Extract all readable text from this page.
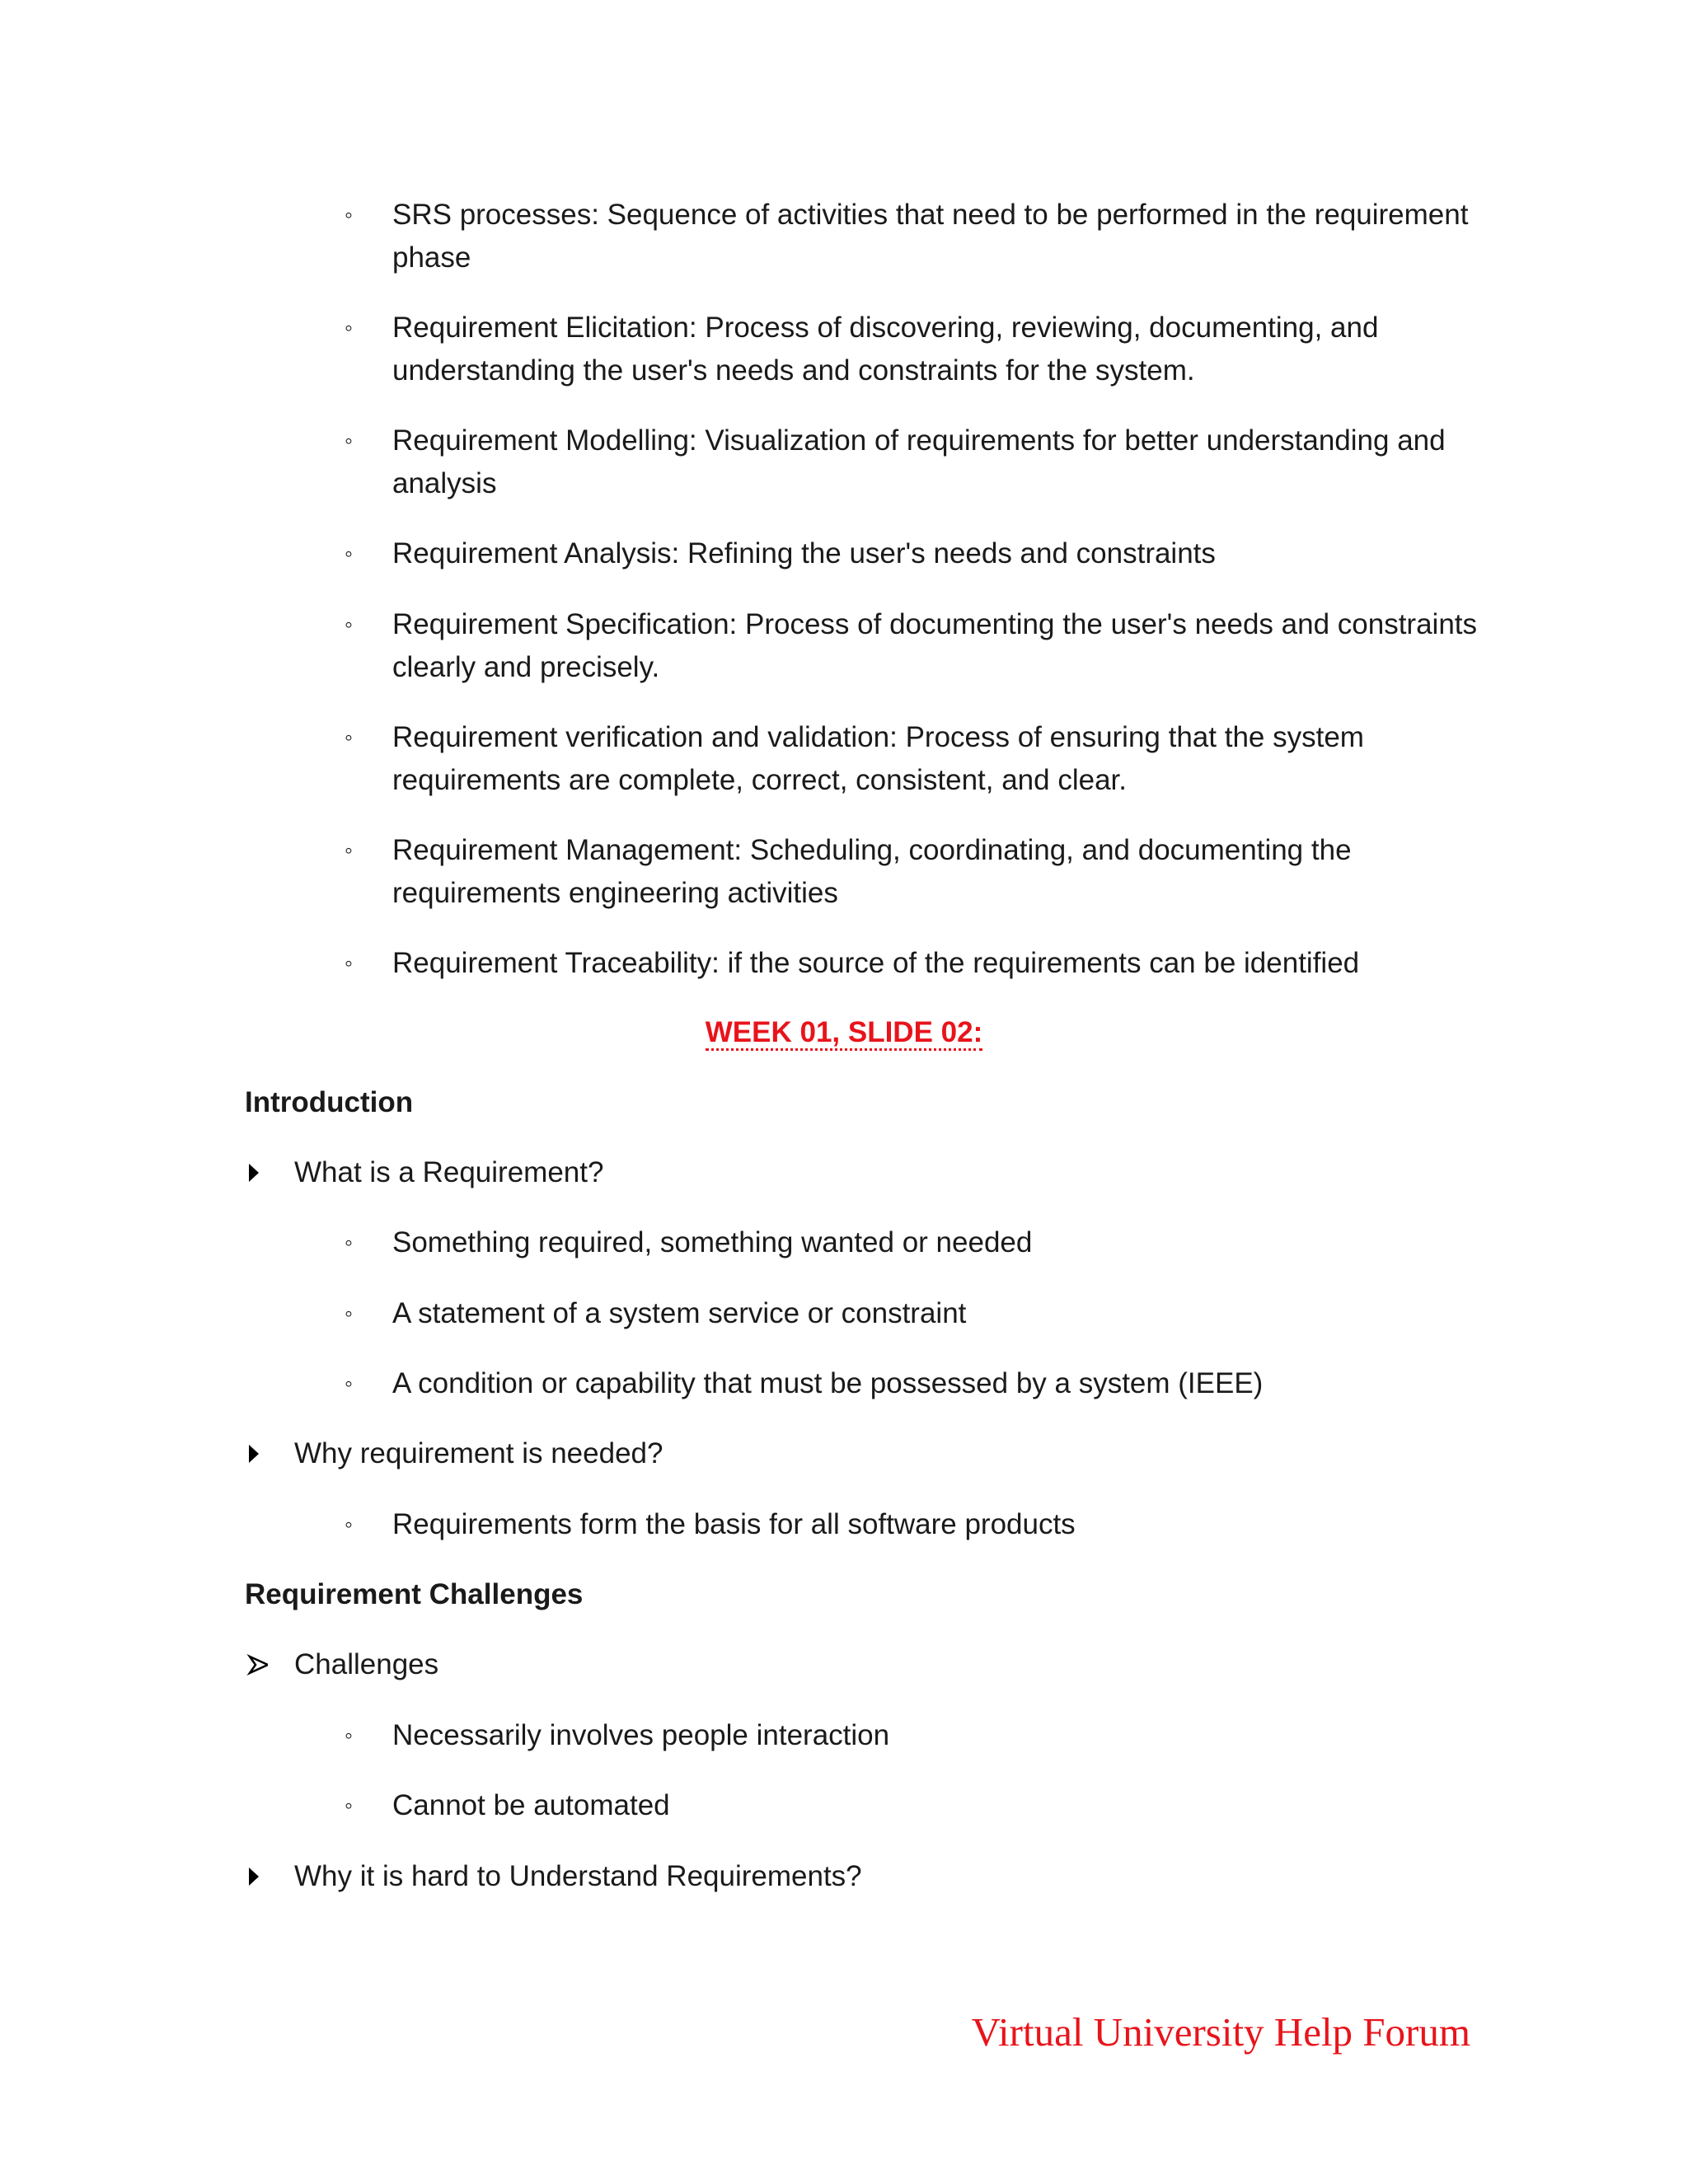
◦ SRS processes: Sequence of activities that need to be performed in the requirement
phase
◦ Requirement Elicitation: Process of discovering, reviewing, documenting, and
understanding the user's needs and constraints for the system.
◦ Requirement Modelling: Visualization of requirements for better understanding and
analysis
◦ Requirement Analysis: Refining the user's needs and constraints
◦ Requirement Specification: Process of documenting the user's needs and constraints
clearly and precisely.
◦ Requirement verification and validation: Process of ensuring that the system
requirements are complete, correct, consistent, and clear.
◦ Requirement Management: Scheduling, coordinating, and documenting the
requirements engineering activities
◦ Requirement Traceability: if the source of the requirements can be identified
WEEK 01, SLIDE 02:
Introduction
What is a Requirement?
◦ Something required, something wanted or needed
◦ A statement of a system service or constraint
◦ A condition or capability that must be possessed by a system (IEEE)
Why requirement is needed?
◦ Requirements form the basis for all software products
Requirement Challenges
Challenges
◦ Necessarily involves people interaction
◦ Cannot be automated
Why it is hard to Understand Requirements?
Virtual University Help Forum
